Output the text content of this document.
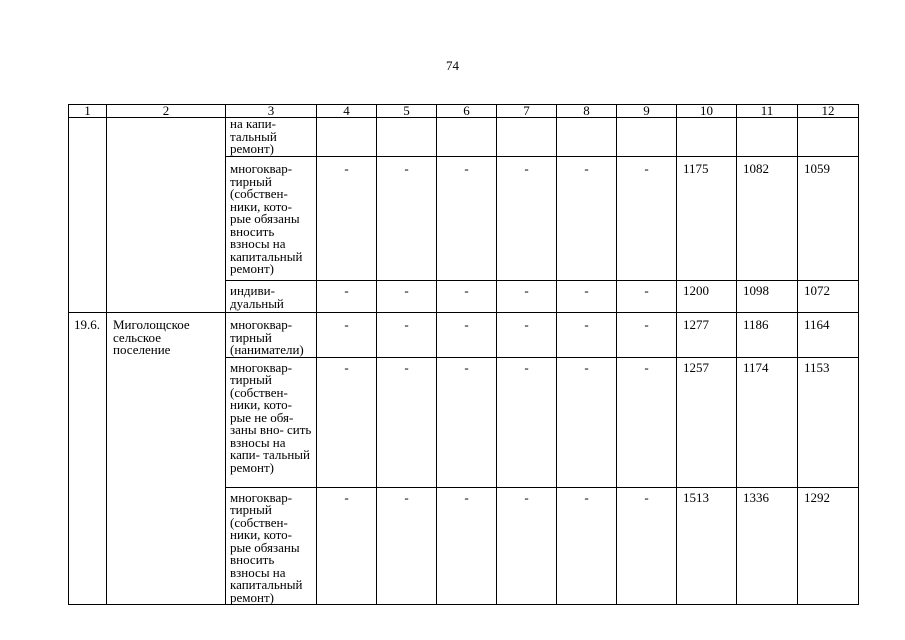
74
1	2	3	4	5	6	7	8	9	10	11	12
		на капи- тальный ремонт)									
		многоквар- тирный (собствен- ники, кото- рые обязаны вносить взносы на капитальный ремонт)	-	-	-	-	-	-	1175	1082	1059
		индиви- дуальный	-	-	-	-	-	-	1200	1098	1072
19.6.	Миголощское сельское поселение	многоквар- тирный (наниматели)	-	-	-	-	-	-	1277	1186	1164
		многоквар- тирный (собствен- ники, кото- рые не обя- заны вно- сить взносы на капи- тальный ремонт)	-	-	-	-	-	-	1257	1174	1153
		многоквар- тирный (собствен- ники, кото- рые обязаны вносить взносы на капитальный ремонт)	-	-	-	-	-	-	1513	1336	1292
